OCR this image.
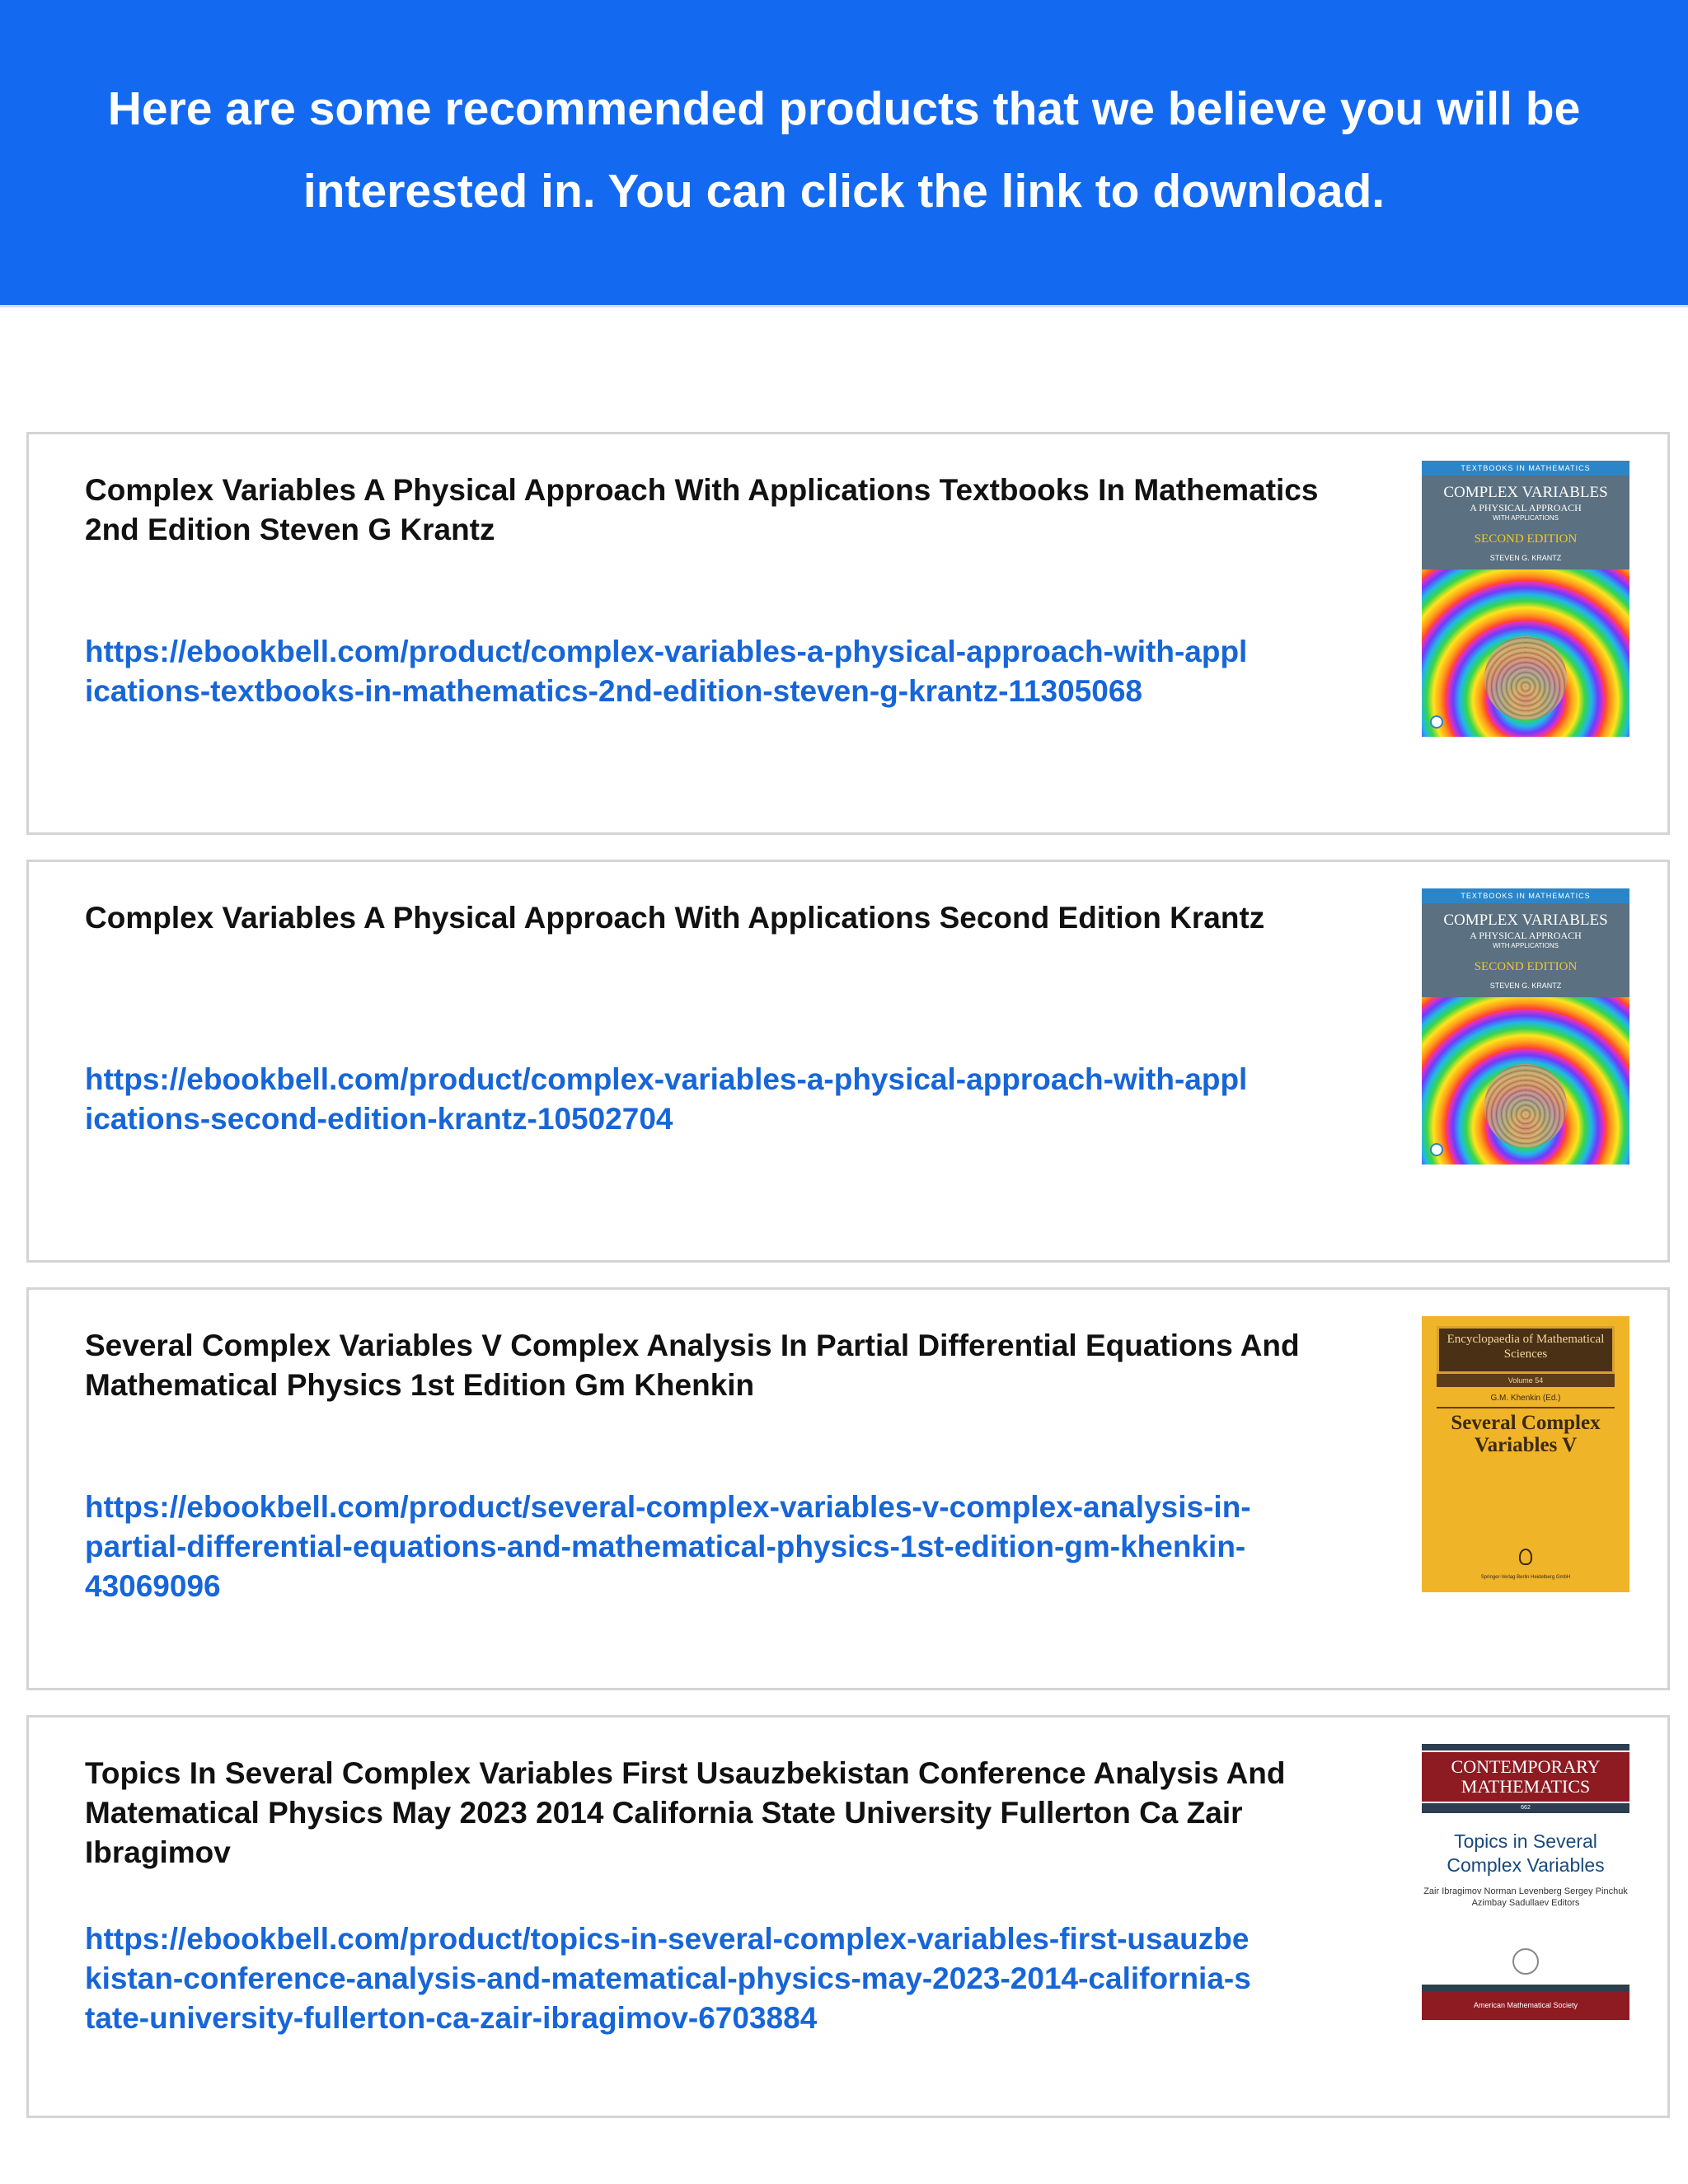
Here are some recommended products that we believe you will be interested in. You can click the link to download.
Complex Variables A Physical Approach With Applications Textbooks In Mathematics 2nd Edition Steven G Krantz
https://ebookbell.com/product/complex-variables-a-physical-approach-with-applications-textbooks-in-mathematics-2nd-edition-steven-g-krantz-11305068
TEXTBOOKS IN MATHEMATICS
COMPLEX VARIABLES
A PHYSICAL APPROACH
WITH APPLICATIONS
SECOND EDITION
STEVEN G. KRANTZ
Complex Variables A Physical Approach With Applications Second Edition Krantz
https://ebookbell.com/product/complex-variables-a-physical-approach-with-applications-second-edition-krantz-10502704
TEXTBOOKS IN MATHEMATICS
COMPLEX VARIABLES
A PHYSICAL APPROACH
WITH APPLICATIONS
SECOND EDITION
STEVEN G. KRANTZ
Several Complex Variables V Complex Analysis In Partial Differential Equations And Mathematical Physics 1st Edition Gm Khenkin
https://ebookbell.com/product/several-complex-variables-v-complex-analysis-in-partial-differential-equations-and-mathematical-physics-1st-edition-gm-khenkin-43069096
Encyclopaedia of Mathematical Sciences
Volume 54
G.M. Khenkin (Ed.)
Several Complex Variables V
Springer-Verlag Berlin Heidelberg GmbH
Topics In Several Complex Variables First Usauzbekistan Conference Analysis And Matematical Physics May 2023 2014 California State University Fullerton Ca Zair Ibragimov
https://ebookbell.com/product/topics-in-several-complex-variables-first-usauzbekistan-conference-analysis-and-matematical-physics-may-2023-2014-california-state-university-fullerton-ca-zair-ibragimov-6703884
CONTEMPORARY MATHEMATICS
662
Topics in Several Complex Variables
Zair Ibragimov Norman Levenberg Sergey Pinchuk Azimbay Sadullaev Editors
American Mathematical Society
